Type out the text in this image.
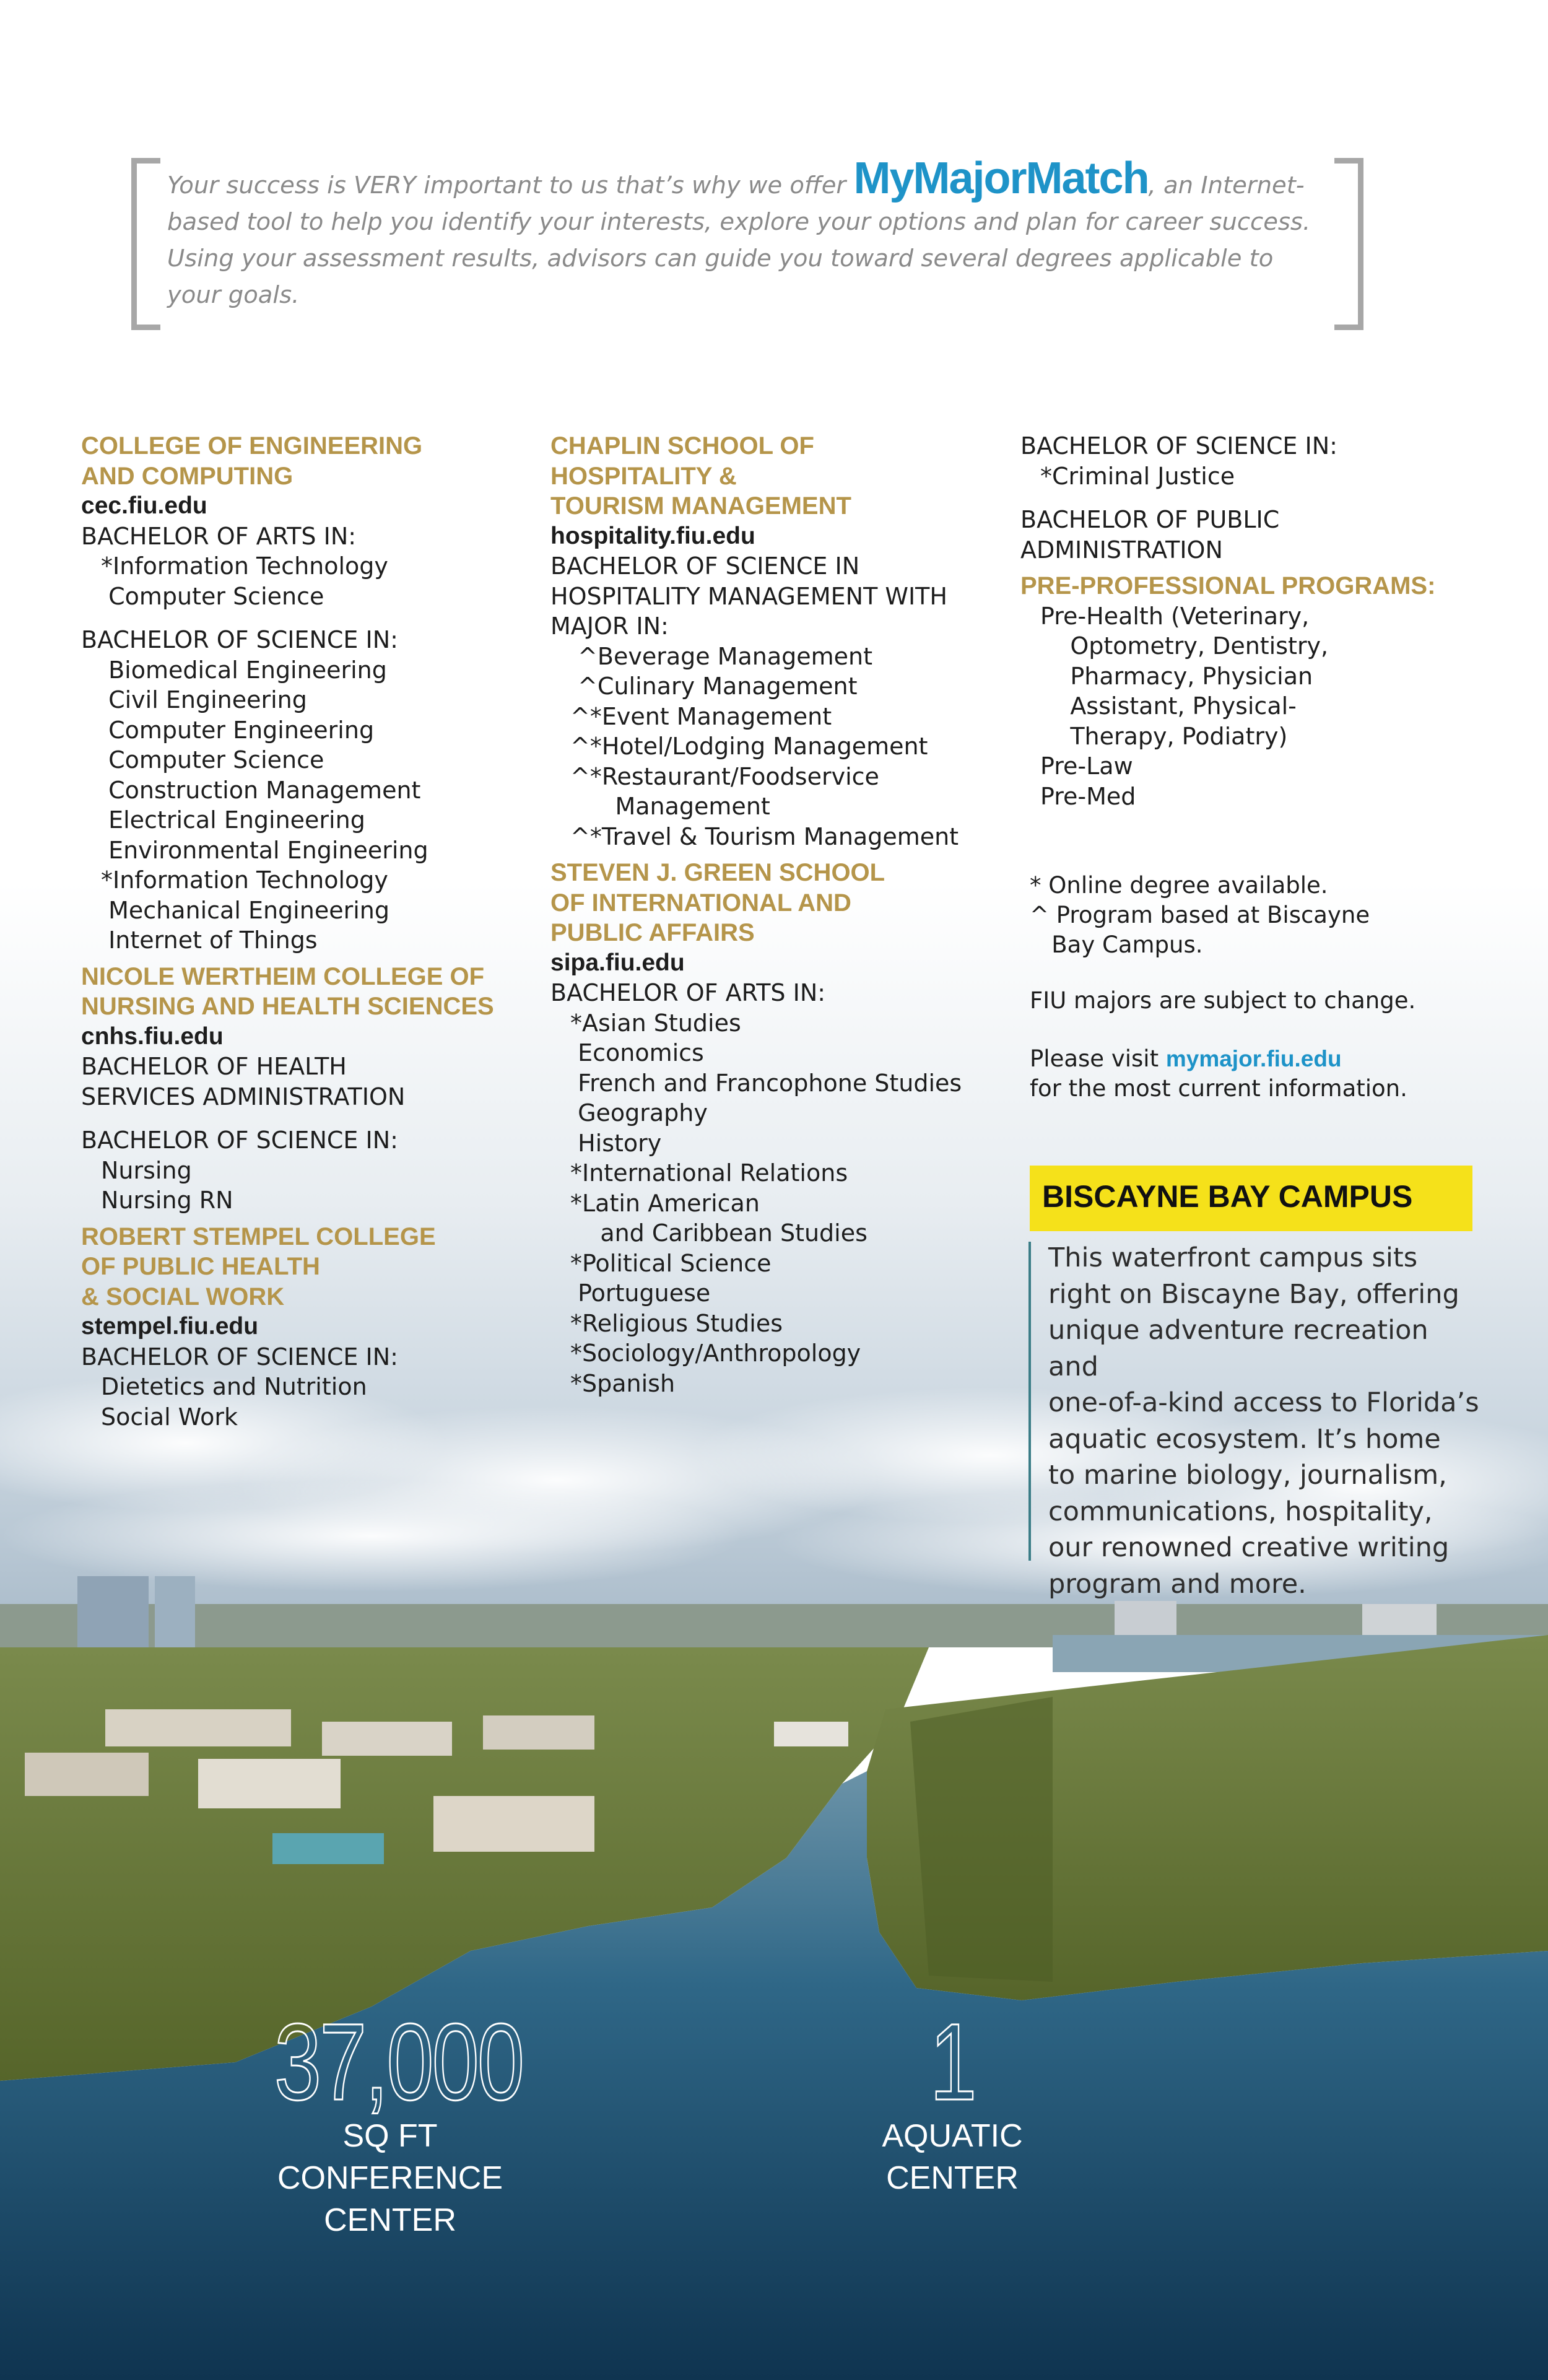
Your success is VERY important to us that’s why we offer MyMajorMatch, an Internet-based tool to help you identify your interests, explore your options and plan for career success. Using your assessment results, advisors can guide you toward several degrees applicable to your goals.
COLLEGE OF ENGINEERING
AND COMPUTING
cec.fiu.edu
BACHELOR OF ARTS IN:
*Information Technology
Computer Science
BACHELOR OF SCIENCE IN:
Biomedical Engineering
Civil Engineering
Computer Engineering
Computer Science
Construction Management
Electrical Engineering
Environmental Engineering
*Information Technology
Mechanical Engineering
Internet of Things
NICOLE WERTHEIM COLLEGE OF
NURSING AND HEALTH SCIENCES
cnhs.fiu.edu
BACHELOR OF HEALTH
SERVICES ADMINISTRATION
BACHELOR OF SCIENCE IN:
Nursing
Nursing RN
ROBERT STEMPEL COLLEGE
OF PUBLIC HEALTH
& SOCIAL WORK
stempel.fiu.edu
BACHELOR OF SCIENCE IN:
Dietetics and Nutrition
Social Work
CHAPLIN SCHOOL OF
HOSPITALITY &
TOURISM MANAGEMENT
hospitality.fiu.edu
BACHELOR OF SCIENCE IN
HOSPITALITY MANAGEMENT WITH
MAJOR IN:
^Beverage Management
^Culinary Management
^*Event Management
^*Hotel/Lodging Management
^*Restaurant/Foodservice
Management
^*Travel & Tourism Management
STEVEN J. GREEN SCHOOL
OF INTERNATIONAL AND
PUBLIC AFFAIRS
sipa.fiu.edu
BACHELOR OF ARTS IN:
*Asian Studies
Economics
French and Francophone Studies
Geography
History
*International Relations
*Latin American
and Caribbean Studies
*Political Science
Portuguese
*Religious Studies
*Sociology/Anthropology
*Spanish
BACHELOR OF SCIENCE IN:
*Criminal Justice
BACHELOR OF PUBLIC
ADMINISTRATION
PRE-PROFESSIONAL PROGRAMS:
Pre-Health (Veterinary,
Optometry, Dentistry,
Pharmacy, Physician
Assistant, Physical-
Therapy, Podiatry)
Pre-Law
Pre-Med
* Online degree available.
^ Program based at Biscayne
Bay Campus.
FIU majors are subject to change.
Please visit mymajor.fiu.edu
for the most current information.
BISCAYNE BAY CAMPUS
This waterfront campus sits
right on Biscayne Bay, offering
unique adventure recreation and
one-of-a-kind access to Florida’s
aquatic ecosystem. It’s home
to marine biology, journalism,
communications, hospitality,
our renowned creative writing
program and more.
37,000
SQ FT
CONFERENCE
CENTER
1
AQUATIC
CENTER
